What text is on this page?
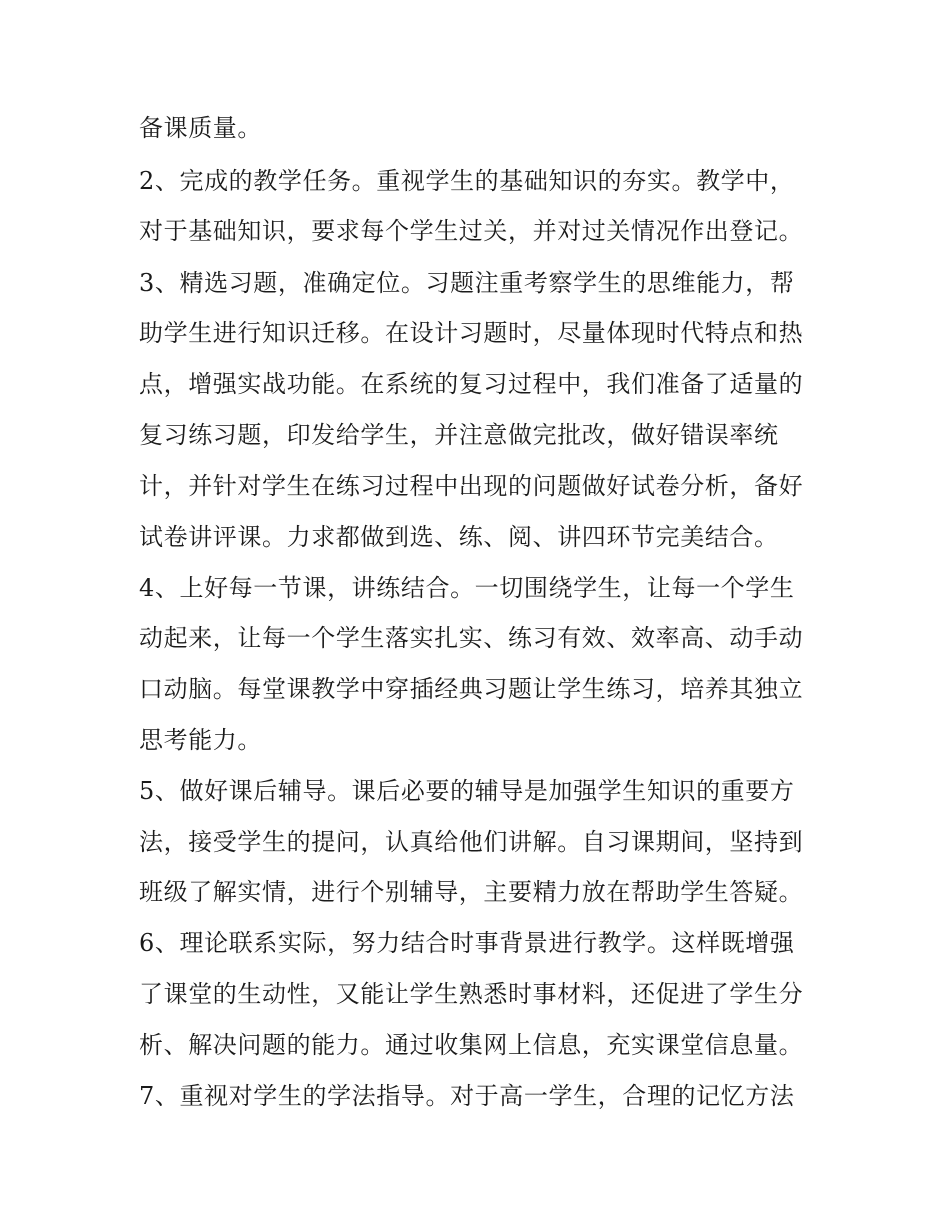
备课质量。
2、完成的教学任务。重视学生的基础知识的夯实。教学中，
对于基础知识，要求每个学生过关，并对过关情况作出登记。
3、精选习题，准确定位。习题注重考察学生的思维能力，帮
助学生进行知识迁移。在设计习题时，尽量体现时代特点和热
点，增强实战功能。在系统的复习过程中，我们准备了适量的
复习练习题，印发给学生，并注意做完批改，做好错误率统
计，并针对学生在练习过程中出现的问题做好试卷分析，备好
试卷讲评课。力求都做到选、练、阅、讲四环节完美结合。
4、上好每一节课，讲练结合。一切围绕学生，让每一个学生
动起来，让每一个学生落实扎实、练习有效、效率高、动手动
口动脑。每堂课教学中穿插经典习题让学生练习，培养其独立
思考能力。
5、做好课后辅导。课后必要的辅导是加强学生知识的重要方
法，接受学生的提问，认真给他们讲解。自习课期间，坚持到
班级了解实情，进行个别辅导，主要精力放在帮助学生答疑。
6、理论联系实际，努力结合时事背景进行教学。这样既增强
了课堂的生动性，又能让学生熟悉时事材料，还促进了学生分
析、解决问题的能力。通过收集网上信息，充实课堂信息量。
7、重视对学生的学法指导。对于高一学生，合理的记忆方法
